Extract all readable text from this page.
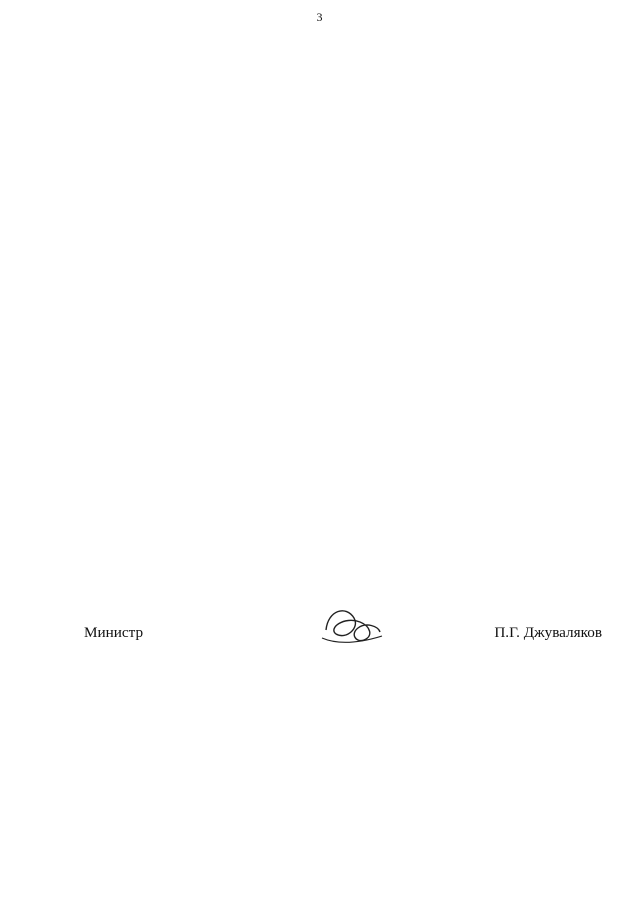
3
Министр	П.Г. Джуваляков
